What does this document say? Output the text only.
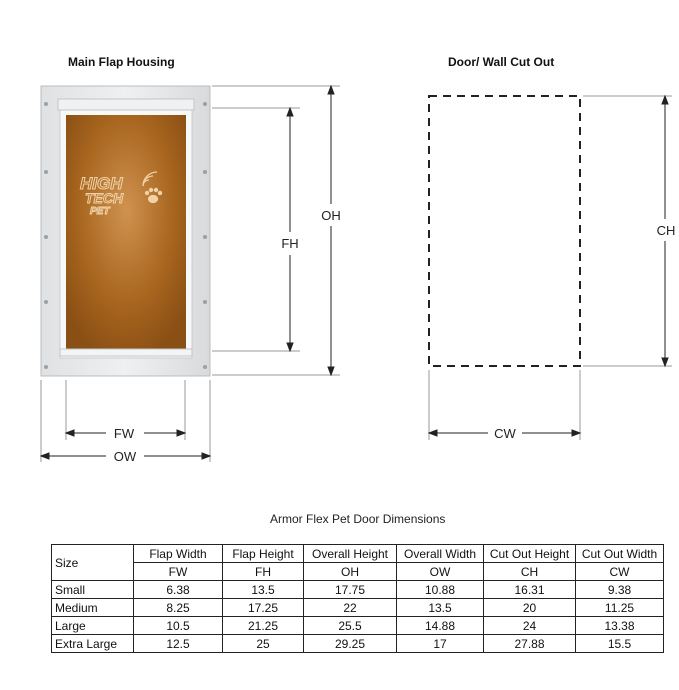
Main Flap Housing	Door/ Wall Cut Out
HIGH
TECH
PET
FH
OH
FW
OW
CH
CW
Armor Flex Pet Door Dimensions
Size	Flap Width	Flap Height	Overall Height	Overall Width	Cut Out Height	Cut Out Width
	FW	FH	OH	OW	CH	CW
Small	6.38	13.5	17.75	10.88	16.31	9.38
Medium	8.25	17.25	22	13.5	20	11.25
Large	10.5	21.25	25.5	14.88	24	13.38
Extra Large	12.5	25	29.25	17	27.88	15.5
